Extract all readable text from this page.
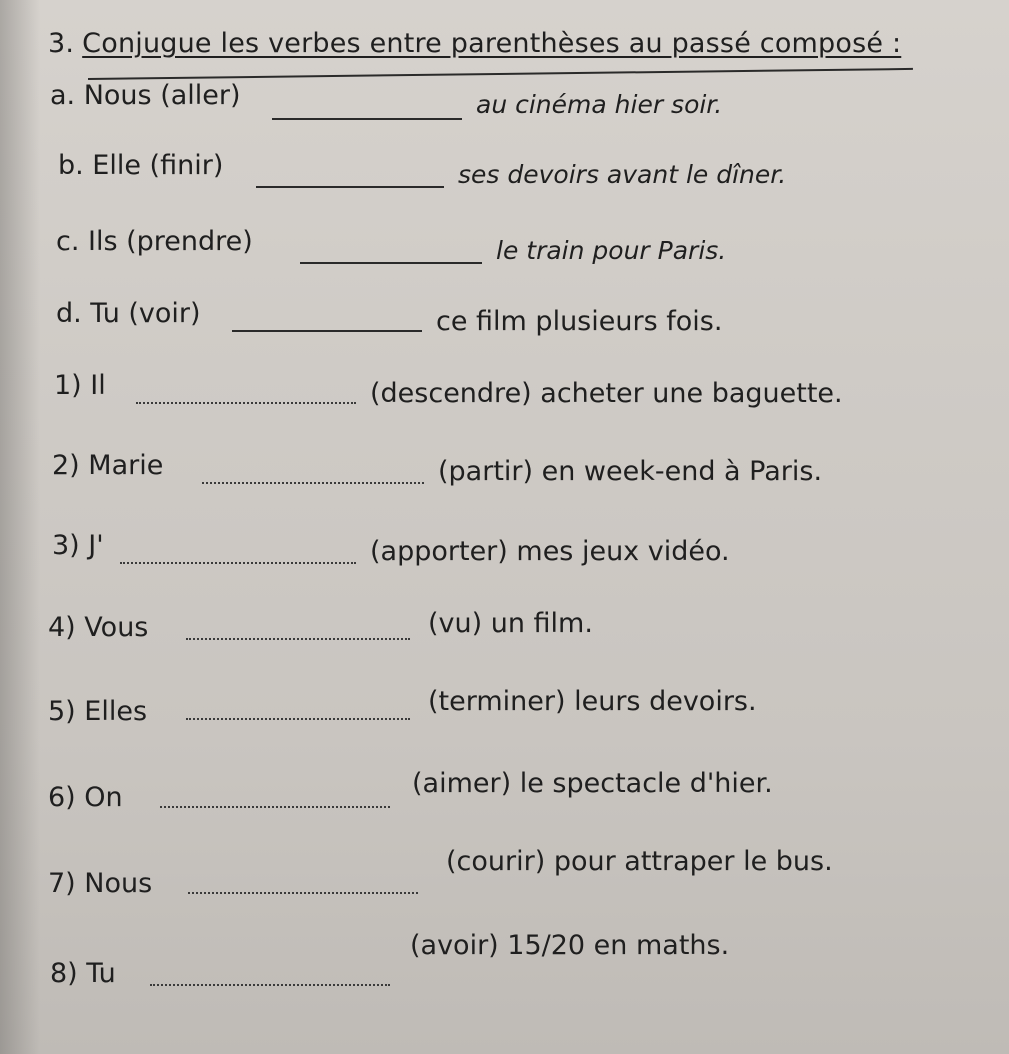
3. Conjugue les verbes entre parenthèses au passé composé :
a. Nous (aller)	au cinéma hier soir.
b. Elle (finir)	ses devoirs avant le dîner.
c. Ils (prendre)	le train pour Paris.
d. Tu (voir)	ce film plusieurs fois.
1) Il	(descendre) acheter une baguette.
2) Marie	(partir) en week-end à Paris.
3) J'	(apporter) mes jeux vidéo.
4) Vous	(vu) un film.
5) Elles	(terminer) leurs devoirs.
6) On	(aimer) le spectacle d'hier.
7) Nous
(courir) pour attraper le bus.
8) Tu
(avoir) 15/20 en maths.
